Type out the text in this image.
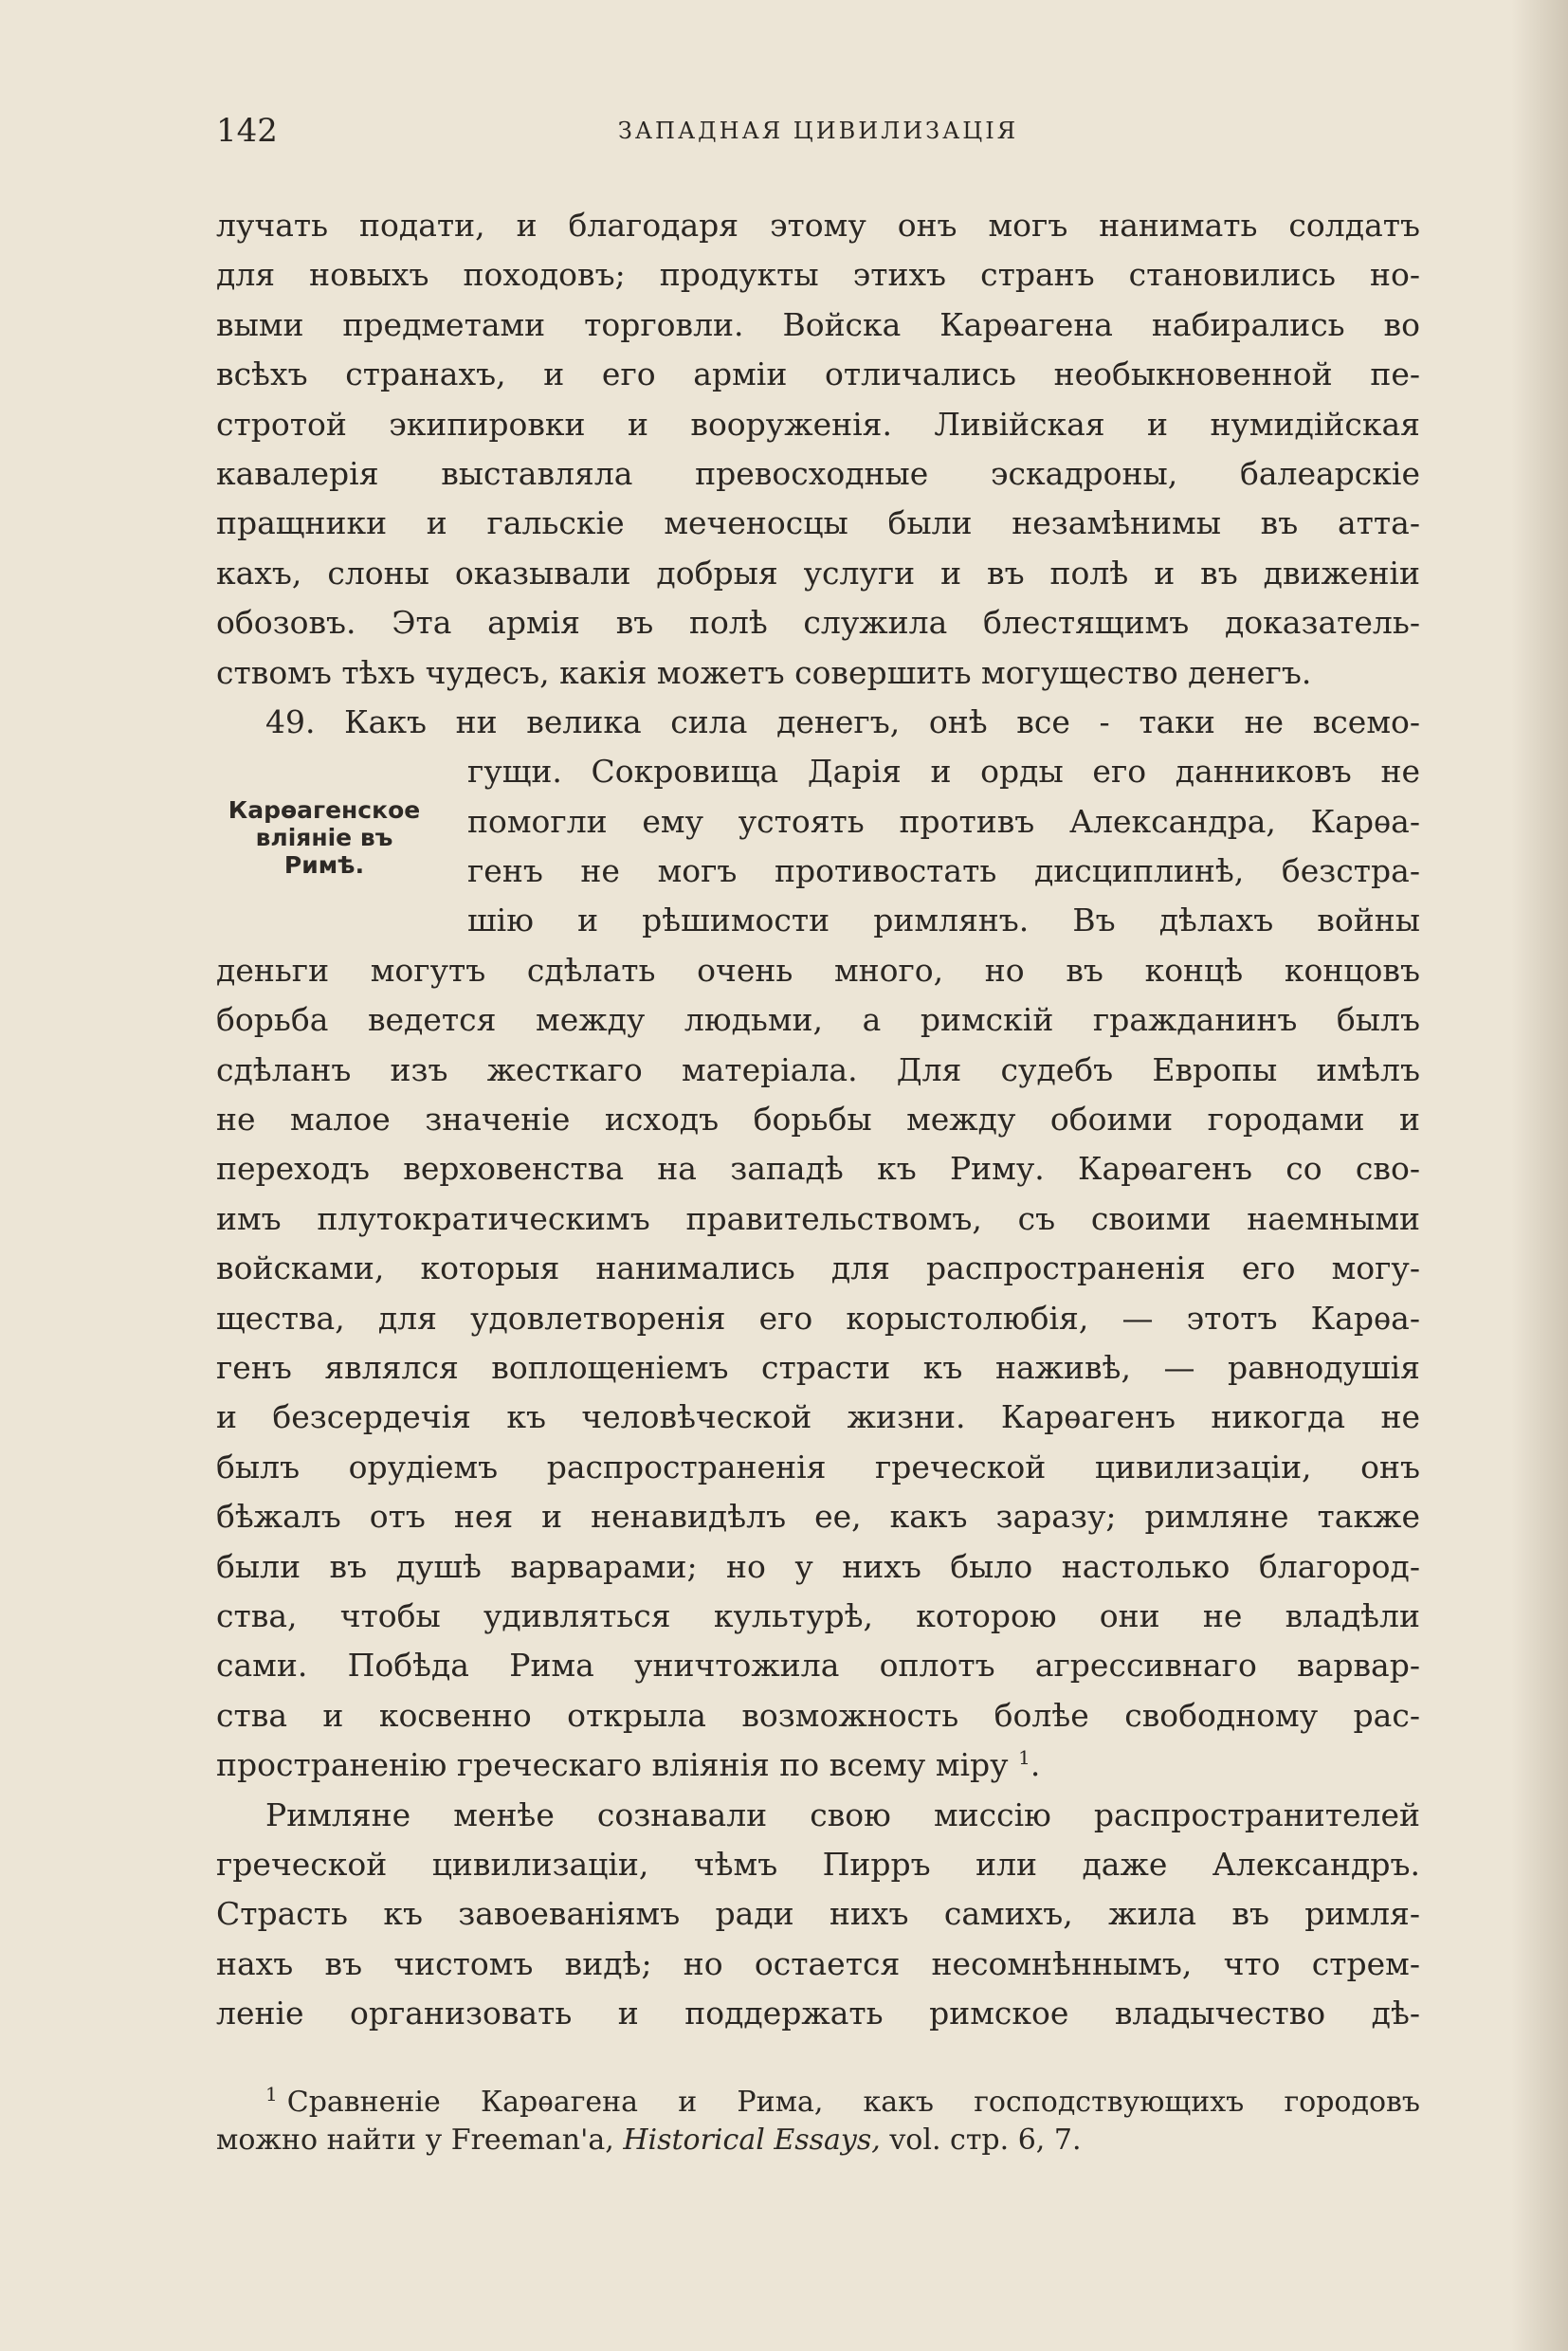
142	ЗАПАДНАЯ ЦИВИЛИЗАЦІЯ
Карѳагенское
вліяніе въ
Римѣ.
лучать подати, и благодаря этому онъ могъ нанимать солдатъ
для новыхъ походовъ; продукты этихъ странъ становились но-
выми предметами торговли. Войска Карѳагена набирались во
всѣхъ странахъ, и его арміи отличались необыкновенной пе-
стротой экипировки и вооруженія. Ливійская и нумидійская
кавалерія выставляла превосходные эскадроны, балеарскіе
пращники и гальскіе меченосцы были незамѣнимы въ атта-
кахъ, слоны оказывали добрыя услуги и въ полѣ и въ движеніи
обозовъ. Эта армія въ полѣ служила блестящимъ доказатель-
ствомъ тѣхъ чудесъ, какія можетъ совершить могущество денегъ.
49. Какъ ни велика сила денегъ, онѣ все - таки не всемо-
гущи. Сокровища Дарія и орды его данниковъ не
помогли ему устоять противъ Александра, Карѳа-
генъ не могъ противостать дисциплинѣ, безстра-
шію и рѣшимости римлянъ. Въ дѣлахъ войны
деньги могутъ сдѣлать очень много, но въ концѣ концовъ
борьба ведется между людьми, а римскій гражданинъ былъ
сдѣланъ изъ жесткаго матеріала. Для судебъ Европы имѣлъ
не малое значеніе исходъ борьбы между обоими городами и
переходъ верховенства на западѣ къ Риму. Карѳагенъ со сво-
имъ плутократическимъ правительствомъ, съ своими наемными
войсками, которыя нанимались для распространенія его могу-
щества, для удовлетворенія его корыстолюбія, — этотъ Карѳа-
генъ являлся воплощеніемъ страсти къ наживѣ, — равнодушія
и безсердечія къ человѣческой жизни. Карѳагенъ никогда не
былъ орудіемъ распространенія греческой цивилизаціи, онъ
бѣжалъ отъ нея и ненавидѣлъ ее, какъ заразу; римляне также
были въ душѣ варварами; но у нихъ было настолько благород-
ства, чтобы удивляться культурѣ, которою они не владѣли
сами. Побѣда Рима уничтожила оплотъ агрессивнаго варвар-
ства и косвенно открыла возможность болѣе свободному рас-
пространенію греческаго вліянія по всему міру $^1$.
Римляне менѣе сознавали свою миссію распространителей
греческой цивилизаціи, чѣмъ Пирръ или даже Александръ.
Страсть къ завоеваніямъ ради нихъ самихъ, жила въ римля-
нахъ въ чистомъ видѣ; но остается несомнѣннымъ, что стрем-
леніе организовать и поддержать римское владычество дѣ-
$^1$ Сравненіе Карѳагена и Рима, какъ господствующихъ городовъ
можно найти у Freeman'a, Historical Essays, vol. стр. 6, 7.
